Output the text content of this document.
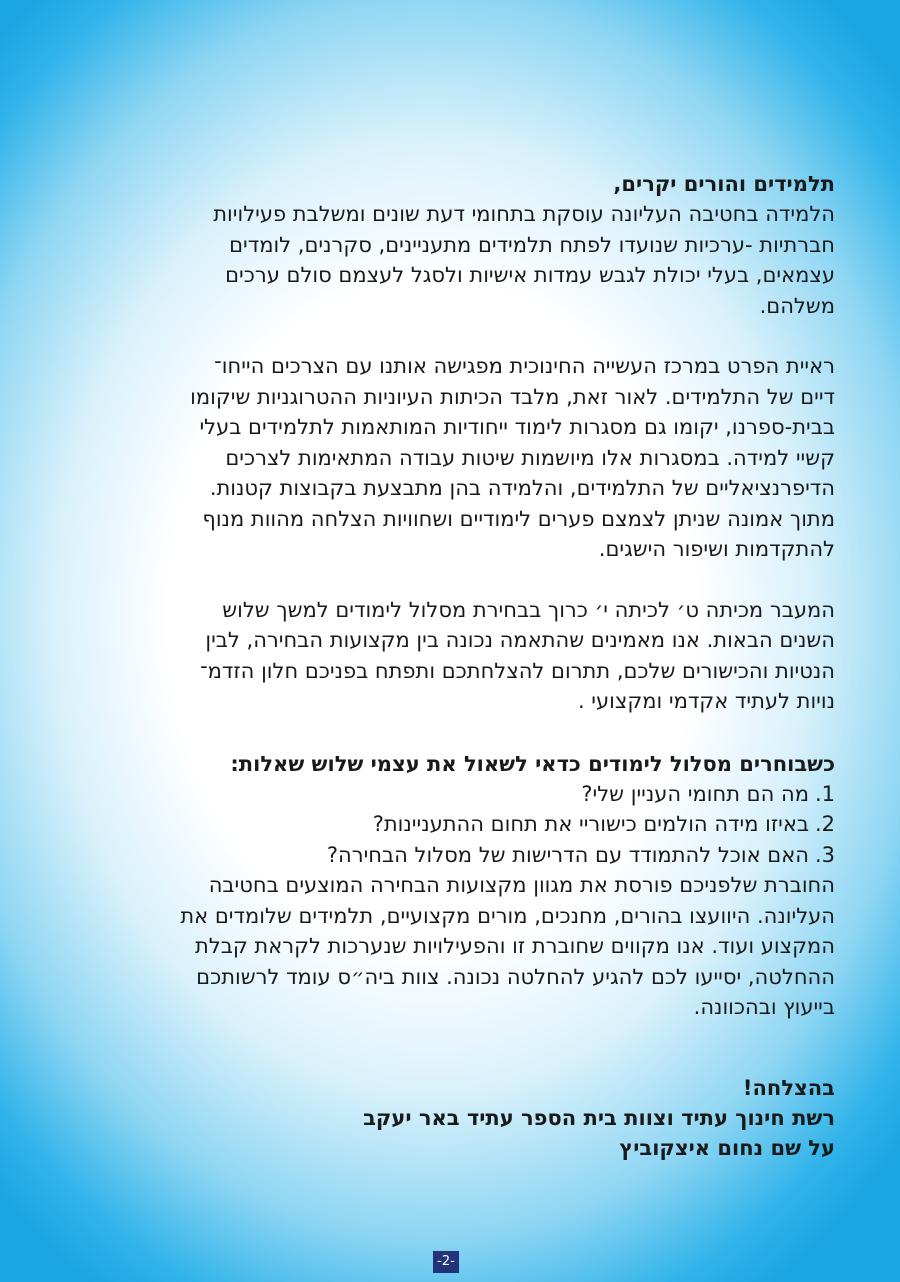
תלמידים והורים יקרים,

הלמידה בחטיבה העליונה עוסקת בתחומי דעת שונים ומשלבת פעילויות
חברתיות -ערכיות שנועדו לפתח תלמידים מתעניינים, סקרנים, לומדים
עצמאים, בעלי יכולת לגבש עמדות אישיות ולסגל לעצמם סולם ערכים
משלהם.

ראיית הפרט במרכז העשייה החינוכית מפגישה אותנו עם הצרכים הייחו־
דיים של התלמידים. לאור זאת, מלבד הכיתות העיוניות ההטרוגניות שיקומו
בבית-ספרנו, יקומו גם מסגרות לימוד ייחודיות המותאמות לתלמידים בעלי
קשיי למידה. במסגרות אלו מיושמות שיטות עבודה המתאימות לצרכים
הדיפרנציאליים של התלמידים, והלמידה בהן מתבצעת בקבוצות קטנות.
מתוך אמונה שניתן לצמצם פערים לימודיים ושחוויות הצלחה מהוות מנוף
להתקדמות ושיפור הישגים.

המעבר מכיתה ט׳ לכיתה י׳ כרוך בבחירת מסלול לימודים למשך שלוש
השנים הבאות. אנו מאמינים שהתאמה נכונה בין מקצועות הבחירה, לבין
הנטיות והכישורים שלכם, תתרום להצלחתכם ותפתח בפניכם חלון הזדמ־
נויות לעתיד אקדמי ומקצועי .

כשבוחרים מסלול לימודים כדאי לשאול את עצמי שלוש שאלות:

1.מה הם תחומי העניין שלי?
2.באיזו מידה הולמים כישוריי את תחום ההתעניינות?
3.האם אוכל להתמודד עם הדרישות של מסלול הבחירה?

החוברת שלפניכם פורסת את מגוון מקצועות הבחירה המוצעים בחטיבה
העליונה. היוועצו בהורים, מחנכים, מורים מקצועיים, תלמידים שלומדים את
המקצוע ועוד. אנו מקווים שחוברת זו והפעילויות שנערכות לקראת קבלת
ההחלטה, יסייעו לכם להגיע להחלטה נכונה. צוות ביה״ס עומד לרשותכם
בייעוץ ובהכוונה.

בהצלחה!
רשת חינוך עתיד וצוות בית הספר עתיד באר יעקב
על שם נחום איצקוביץ
-2-
